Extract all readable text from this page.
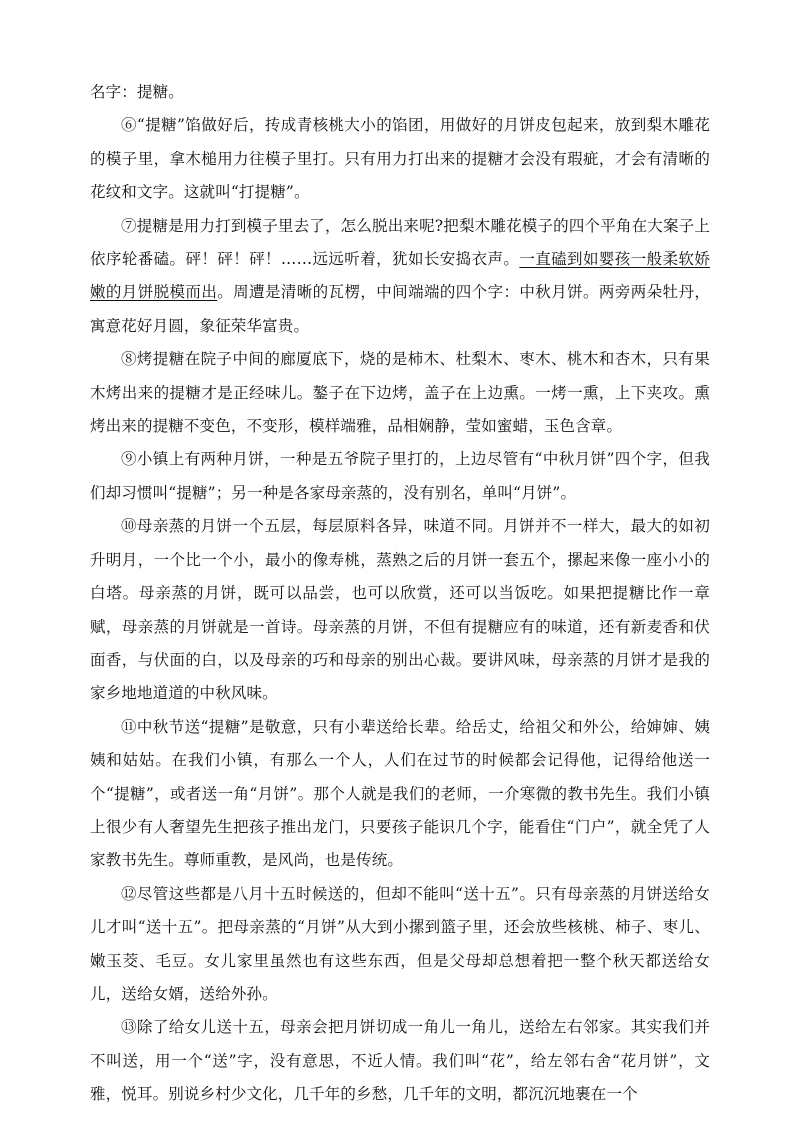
名字：提糖。

⑥“提糖”馅做好后，抟成青核桃大小的馅团，用做好的月饼皮包起来，放到梨木雕花的模子里，拿木槌用力往模子里打。只有用力打出来的提糖才会没有瑕疵，才会有清晰的花纹和文字。这就叫“打提糖”。

⑦提糖是用力打到模子里去了，怎么脱出来呢?把梨木雕花模子的四个平角在大案子上依序轮番磕。砰！砰！砰！……远远听着，犹如长安捣衣声。一直磕到如婴孩一般柔软娇嫩的月饼脱模而出。周遭是清晰的瓦楞，中间端端的四个字：中秋月饼。两旁两朵牡丹，寓意花好月圆，象征荣华富贵。

⑧烤提糖在院子中间的廊厦底下，烧的是柿木、杜梨木、枣木、桃木和杏木，只有果木烤出来的提糖才是正经味儿。鏊子在下边烤，盖子在上边熏。一烤一熏，上下夹攻。熏烤出来的提糖不变色，不变形，模样端雅，品相娴静，莹如蜜蜡，玉色含章。

⑨小镇上有两种月饼，一种是五爷院子里打的，上边尽管有“中秋月饼”四个字，但我们却习惯叫“提糖”；另一种是各家母亲蒸的，没有别名，单叫“月饼”。

⑩母亲蒸的月饼一个五层，每层原料各异，味道不同。月饼并不一样大，最大的如初升明月，一个比一个小，最小的像寿桃，蒸熟之后的月饼一套五个，摞起来像一座小小的白塔。母亲蒸的月饼，既可以品尝，也可以欣赏，还可以当饭吃。如果把提糖比作一章赋，母亲蒸的月饼就是一首诗。母亲蒸的月饼，不但有提糖应有的味道，还有新麦香和伏面香，与伏面的白，以及母亲的巧和母亲的别出心裁。要讲风味，母亲蒸的月饼才是我的家乡地地道道的中秋风味。

⑪中秋节送“提糖”是敬意，只有小辈送给长辈。给岳丈，给祖父和外公，给婶婶、姨姨和姑姑。在我们小镇，有那么一个人，人们在过节的时候都会记得他，记得给他送一个“提糖”，或者送一角“月饼”。那个人就是我们的老师，一介寒微的教书先生。我们小镇上很少有人奢望先生把孩子推出龙门，只要孩子能识几个字，能看住“门户”，就全凭了人家教书先生。尊师重教，是风尚，也是传统。

⑫尽管这些都是八月十五时候送的，但却不能叫“送十五”。只有母亲蒸的月饼送给女儿才叫“送十五”。把母亲蒸的“月饼”从大到小摞到篮子里，还会放些核桃、柿子、枣儿、嫩玉茭、毛豆。女儿家里虽然也有这些东西，但是父母却总想着把一整个秋天都送给女儿，送给女婿，送给外孙。

⑬除了给女儿送十五，母亲会把月饼切成一角儿一角儿，送给左右邻家。其实我们并不叫送，用一个“送”字，没有意思，不近人情。我们叫“花”，给左邻右舍“花月饼”，文雅，悦耳。别说乡村少文化，几千年的乡愁，几千年的文明，都沉沉地裹在一个
